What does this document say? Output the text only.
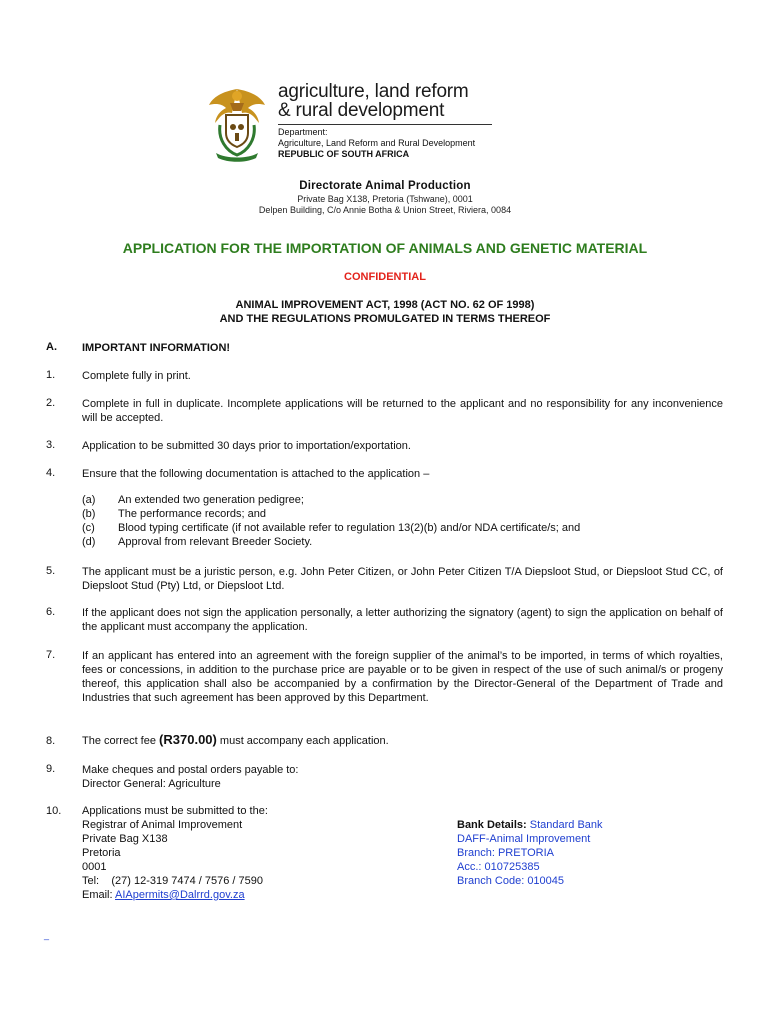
agriculture, land reform
& rural development
Department:
Agriculture, Land Reform and Rural Development
REPUBLIC OF SOUTH AFRICA
Directorate Animal Production
Private Bag X138, Pretoria (Tshwane), 0001
Delpen Building, C/o Annie Botha & Union Street, Riviera, 0084
APPLICATION FOR THE IMPORTATION OF ANIMALS AND GENETIC MATERIAL
CONFIDENTIAL
ANIMAL IMPROVEMENT ACT, 1998 (ACT NO. 62 OF 1998)
AND THE REGULATIONS PROMULGATED IN TERMS THEREOF
A. IMPORTANT INFORMATION!
1. Complete fully in print.
2. Complete in full in duplicate. Incomplete applications will be returned to the applicant and no responsibility for any inconvenience will be accepted.
3. Application to be submitted 30 days prior to importation/exportation.
4. Ensure that the following documentation is attached to the application –
(a) An extended two generation pedigree;
(b) The performance records; and
(c) Blood typing certificate (if not available refer to regulation 13(2)(b) and/or NDA certificate/s; and
(d) Approval from relevant Breeder Society.
5. The applicant must be a juristic person, e.g. John Peter Citizen, or John Peter Citizen T/A Diepsloot Stud, or Diepsloot Stud CC, of Diepsloot Stud (Pty) Ltd, or Diepsloot Ltd.
6. If the applicant does not sign the application personally, a letter authorizing the signatory (agent) to sign the application on behalf of the applicant must accompany the application.
7. If an applicant has entered into an agreement with the foreign supplier of the animal’s to be imported, in terms of which royalties, fees or concessions, in addition to the purchase price are payable or to be given in respect of the use of such animal/s or progeny thereof, this application shall also be accompanied by a confirmation by the Director-General of the Department of Trade and Industries that such agreement has been approved by this Department.
8. The correct fee (R370.00) must accompany each application.
9. Make cheques and postal orders payable to:
Director General: Agriculture
10. Applications must be submitted to the:
Registrar of Animal Improvement
Private Bag X138
Pretoria
0001
Tel:    (27) 12-319 7474 / 7576 / 7590
Email: AIApermits@Dalrrd.gov.za
Bank Details: Standard Bank
DAFF-Animal Improvement
Branch: PRETORIA
Acc.: 010725385
Branch Code: 010045
_
